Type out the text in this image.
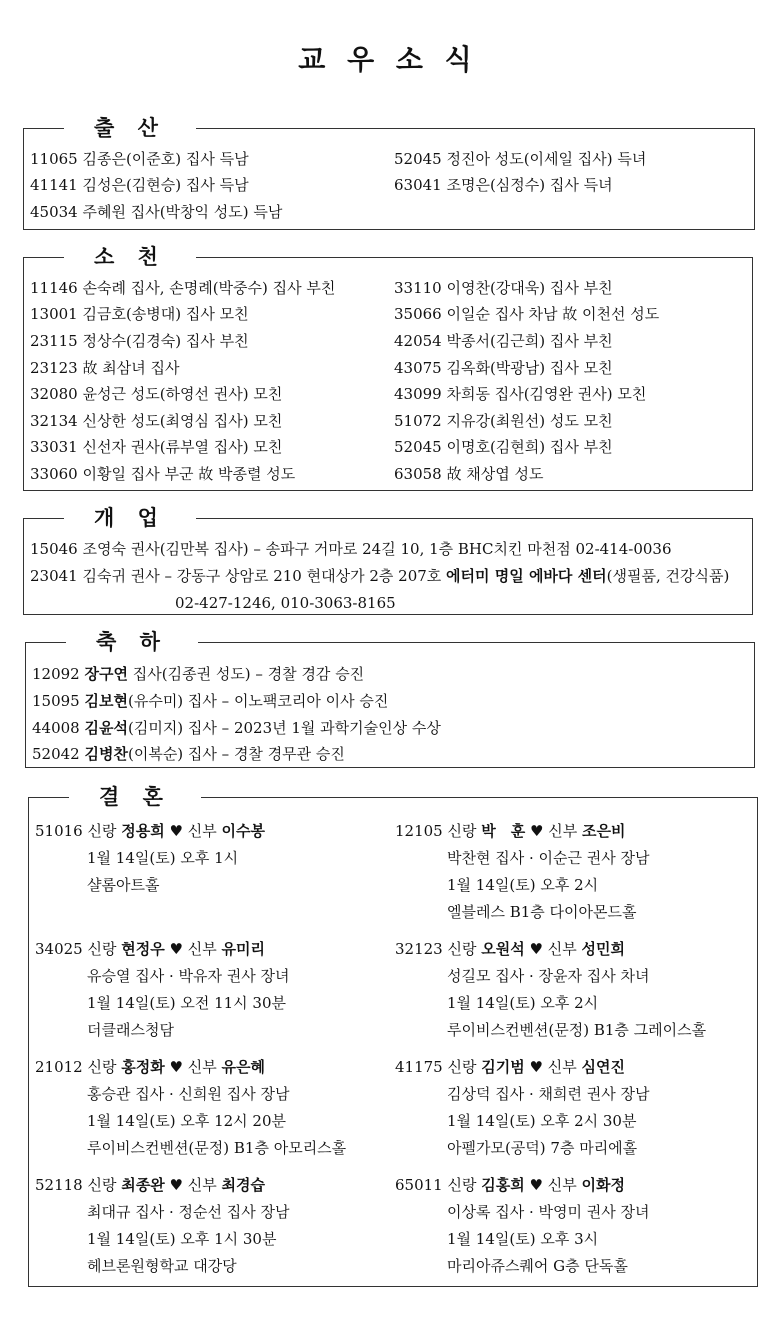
교 우 소 식
출 산
11065 김종은(이준호) 집사 득남	52045 정진아 성도(이세일 집사) 득녀
41141 김성은(김현승) 집사 득남	63041 조명은(심정수) 집사 득녀
45034 주혜원 집사(박창익 성도) 득남
소 천
11146 손숙례 집사, 손명례(박중수) 집사 부친	33110 이영찬(강대욱) 집사 부친
13001 김금호(송병대) 집사 모친	35066 이일순 집사 차남 故 이천선 성도
23115 정상수(김경숙) 집사 부친	42054 박종서(김근희) 집사 부친
23123 故 최삼녀 집사	43075 김옥화(박광남) 집사 모친
32080 윤성근 성도(하영선 권사) 모친	43099 차희동 집사(김영완 권사) 모친
32134 신상한 성도(최영심 집사) 모친	51072 지유강(최원선) 성도 모친
33031 신선자 권사(류부열 집사) 모친	52045 이명호(김현희) 집사 부친
33060 이황일 집사 부군 故 박종렬 성도	63058 故 채상엽 성도
개 업
15046 조영숙 권사(김만복 집사) – 송파구 거마로 24길 10, 1층 BHC치킨 마천점 02-414-0036
23041 김숙귀 권사 – 강동구 상암로 210 현대상가 2층 207호 에터미 명일 에바다 센터(생필품, 건강식품)
02-427-1246, 010-3063-8165
축 하
12092 장구연 집사(김종권 성도) – 경찰 경감 승진
15095 김보현(유수미) 집사 – 이노팩코리아 이사 승진
44008 김윤석(김미지) 집사 – 2023년 1월 과학기술인상 수상
52042 김병찬(이복순) 집사 – 경찰 경무관 승진
결 혼
51016 신랑 정용희 ♥ 신부 이수봉
1월 14일(토) 오후 1시
샬롬아트홀
12105 신랑 박　훈 ♥ 신부 조은비
박찬현 집사 · 이순근 권사 장남
1월 14일(토) 오후 2시
엘블레스 B1층 다이아몬드홀
34025 신랑 현정우 ♥ 신부 유미리
유승열 집사 · 박유자 권사 장녀
1월 14일(토) 오전 11시 30분
더클래스청담
32123 신랑 오원석 ♥ 신부 성민희
성길모 집사 · 장윤자 집사 차녀
1월 14일(토) 오후 2시
루이비스컨벤션(문정) B1층 그레이스홀
21012 신랑 홍정화 ♥ 신부 유은혜
홍승관 집사 · 신희원 집사 장남
1월 14일(토) 오후 12시 20분
루이비스컨벤션(문정) B1층 아모리스홀
41175 신랑 김기범 ♥ 신부 심연진
김상덕 집사 · 채희련 권사 장남
1월 14일(토) 오후 2시 30분
아펠가모(공덕) 7층 마리에홀
52118 신랑 최종완 ♥ 신부 최경습
최대규 집사 · 정순선 집사 장남
1월 14일(토) 오후 1시 30분
헤브론원형학교 대강당
65011 신랑 김홍희 ♥ 신부 이화정
이상록 집사 · 박영미 권사 장녀
1월 14일(토) 오후 3시
마리아쥬스퀘어 G층 단독홀
